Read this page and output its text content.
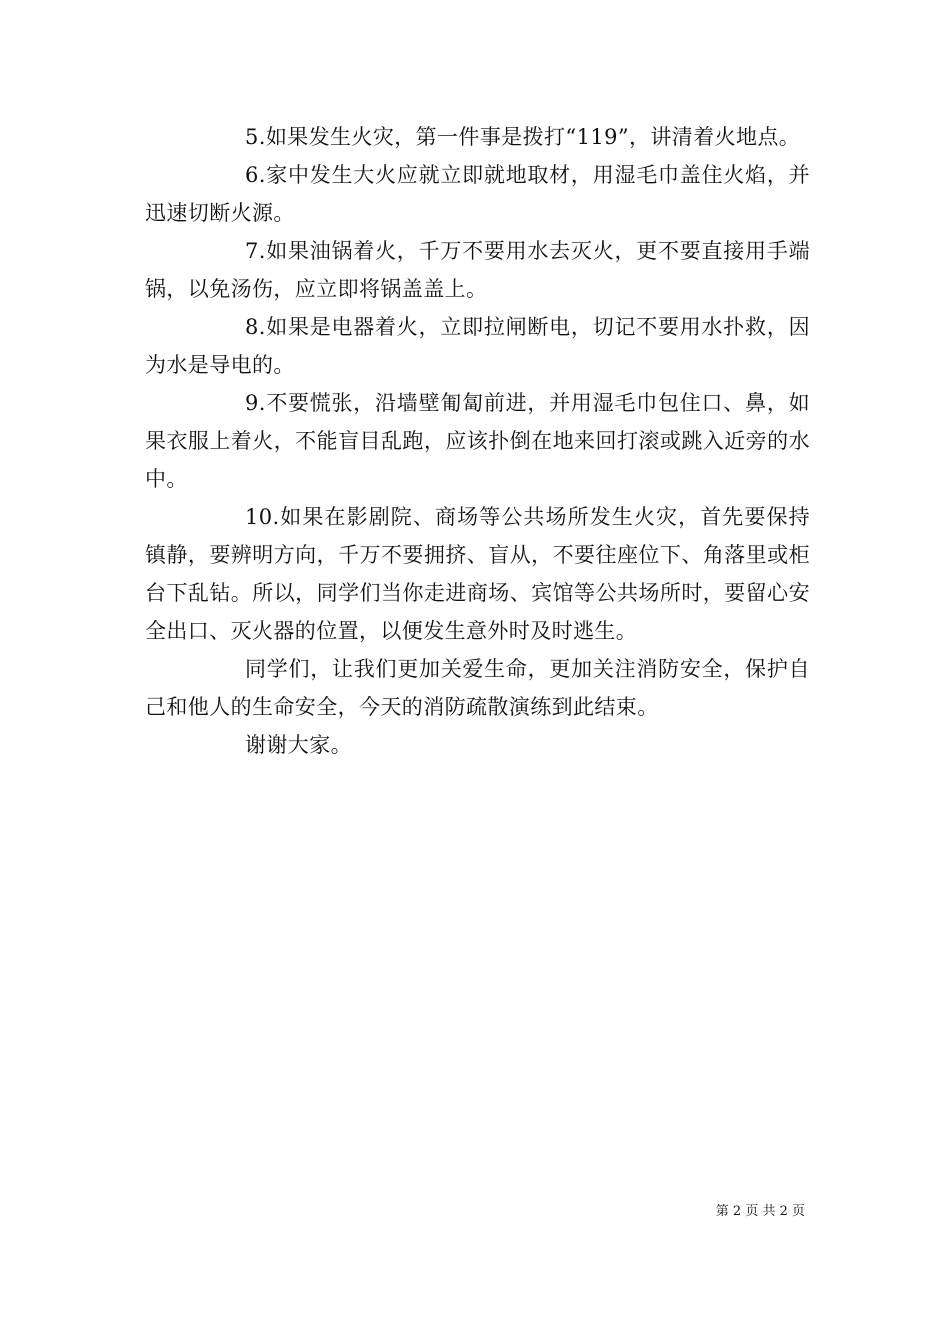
5.如果发生火灾，第一件事是拨打“119”，讲清着火地点。

6.家中发生大火应就立即就地取材，用湿毛巾盖住火焰，并迅速切断火源。

7.如果油锅着火，千万不要用水去灭火，更不要直接用手端锅，以免汤伤，应立即将锅盖盖上。

8.如果是电器着火，立即拉闸断电，切记不要用水扑救，因为水是导电的。

9.不要慌张，沿墙壁匍匐前进，并用湿毛巾包住口、鼻，如果衣服上着火，不能盲目乱跑，应该扑倒在地来回打滚或跳入近旁的水中。

10.如果在影剧院、商场等公共场所发生火灾，首先要保持镇静，要辨明方向，千万不要拥挤、盲从，不要往座位下、角落里或柜台下乱钻。所以，同学们当你走进商场、宾馆等公共场所时，要留心安全出口、灭火器的位置，以便发生意外时及时逃生。

同学们，让我们更加关爱生命，更加关注消防安全，保护自己和他人的生命安全，今天的消防疏散演练到此结束。

谢谢大家。

第 2 页 共 2 页
